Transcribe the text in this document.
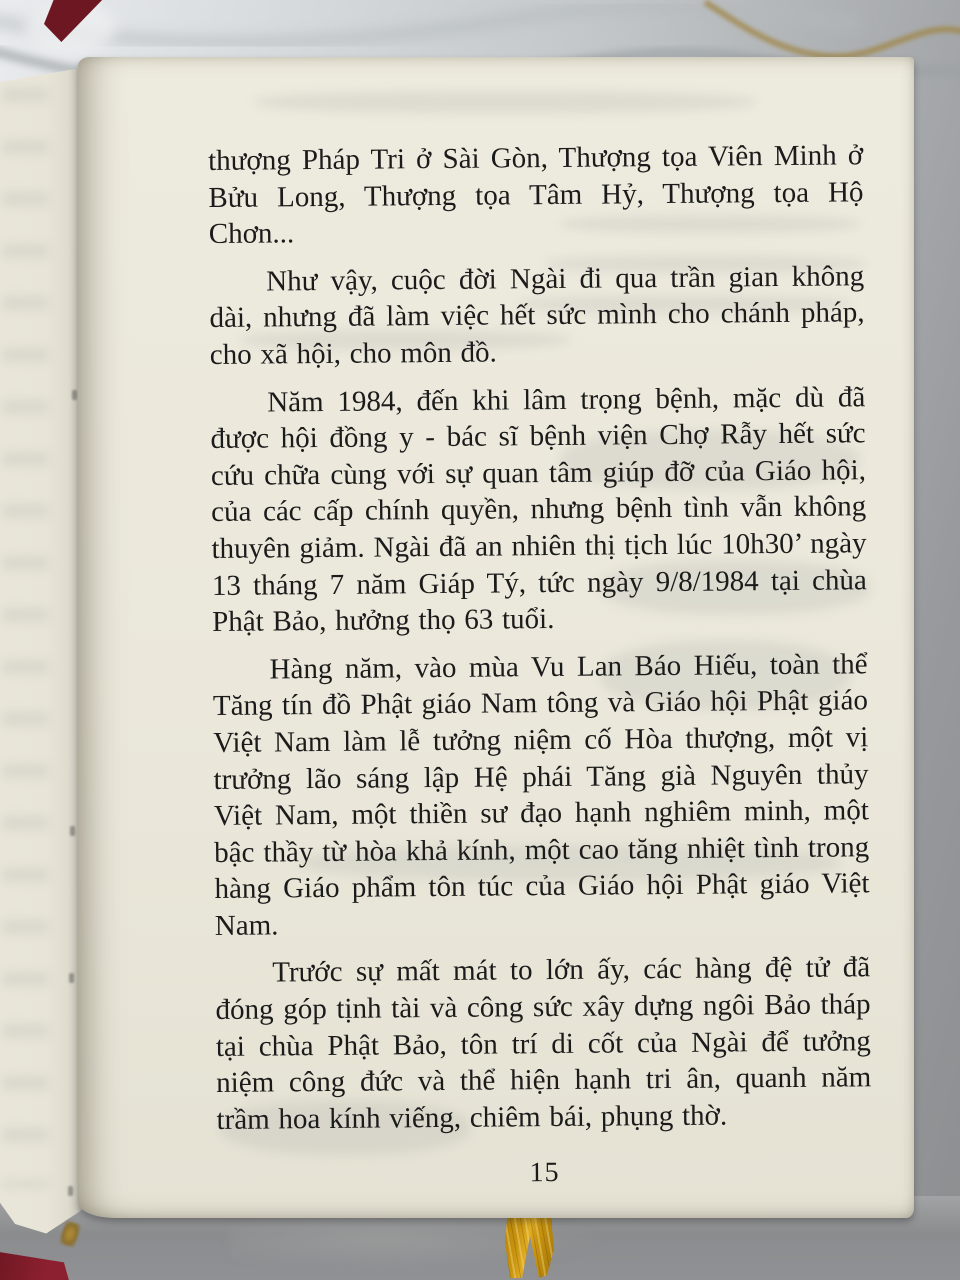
thượng Pháp Tri ở Sài Gòn, Thượng tọa Viên Minh ở Bửu Long, Thượng tọa Tâm Hỷ, Thượng tọa Hộ Chơn...

Như vậy, cuộc đời Ngài đi qua trần gian không dài, nhưng đã làm việc hết sức mình cho chánh pháp, cho xã hội, cho môn đồ.

Năm 1984, đến khi lâm trọng bệnh, mặc dù đã được hội đồng y - bác sĩ bệnh viện Chợ Rẫy hết sức cứu chữa cùng với sự quan tâm giúp đỡ của Giáo hội, của các cấp chính quyền, nhưng bệnh tình vẫn không thuyên giảm. Ngài đã an nhiên thị tịch lúc 10h30’ ngày 13 tháng 7 năm Giáp Tý, tức ngày 9/8/1984 tại chùa Phật Bảo, hưởng thọ 63 tuổi.

Hàng năm, vào mùa Vu Lan Báo Hiếu, toàn thể Tăng tín đồ Phật giáo Nam tông và Giáo hội Phật giáo Việt Nam làm lễ tưởng niệm cố Hòa thượng, một vị trưởng lão sáng lập Hệ phái Tăng già Nguyên thủy Việt Nam, một thiền sư đạo hạnh nghiêm minh, một bậc thầy từ hòa khả kính, một cao tăng nhiệt tình trong hàng Giáo phẩm tôn túc của Giáo hội Phật giáo Việt Nam.

Trước sự mất mát to lớn ấy, các hàng đệ tử đã đóng góp tịnh tài và công sức xây dựng ngôi Bảo tháp tại chùa Phật Bảo, tôn trí di cốt của Ngài để tưởng niệm công đức và thể hiện hạnh tri ân, quanh năm trầm hoa kính viếng, chiêm bái, phụng thờ.

15
